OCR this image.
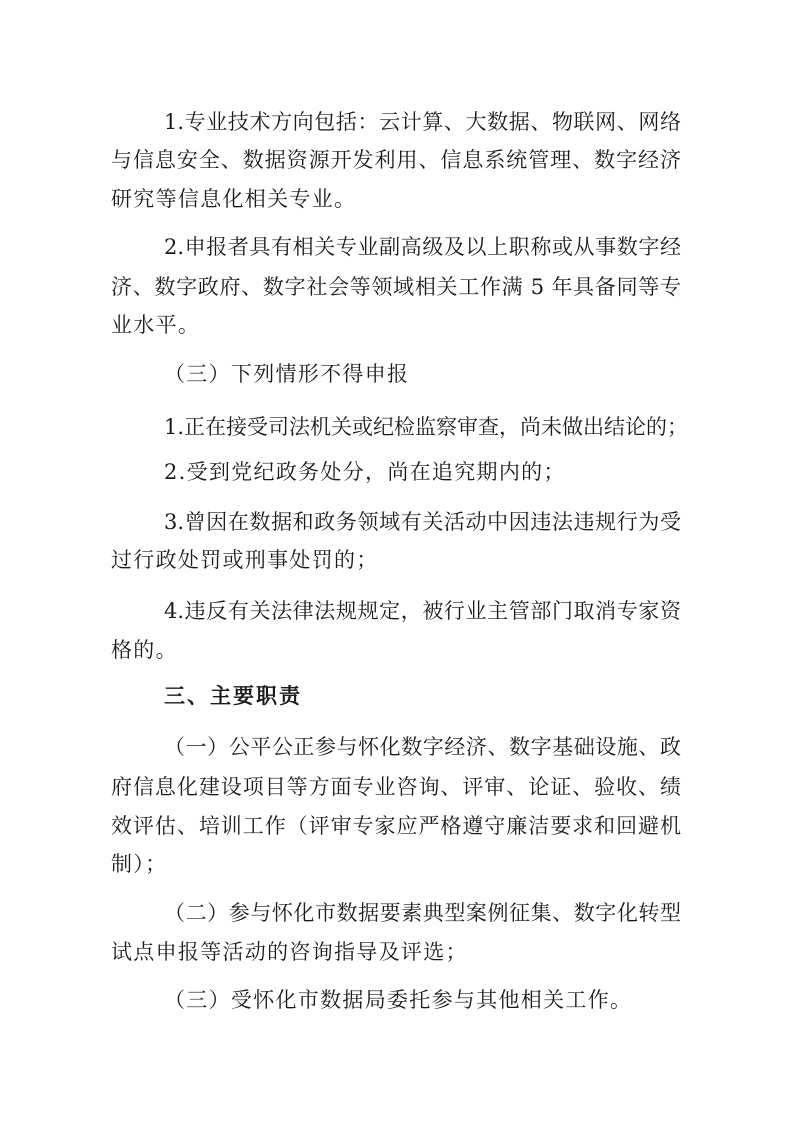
1.专业技术方向包括：云计算、大数据、物联网、网络
与信息安全、数据资源开发利用、信息系统管理、数字经济
研究等信息化相关专业。
2.申报者具有相关专业副高级及以上职称或从事数字经
济、数字政府、数字社会等领域相关工作满 5 年具备同等专
业水平。
（三）下列情形不得申报
1.正在接受司法机关或纪检监察审查，尚未做出结论的；
2.受到党纪政务处分，尚在追究期内的；
3.曾因在数据和政务领域有关活动中因违法违规行为受
过行政处罚或刑事处罚的；
4.违反有关法律法规规定，被行业主管部门取消专家资
格的。
三、主要职责
（一）公平公正参与怀化数字经济、数字基础设施、政
府信息化建设项目等方面专业咨询、评审、论证、验收、绩
效评估、培训工作（评审专家应严格遵守廉洁要求和回避机
制）；
（二）参与怀化市数据要素典型案例征集、数字化转型
试点申报等活动的咨询指导及评选；
（三）受怀化市数据局委托参与其他相关工作。
